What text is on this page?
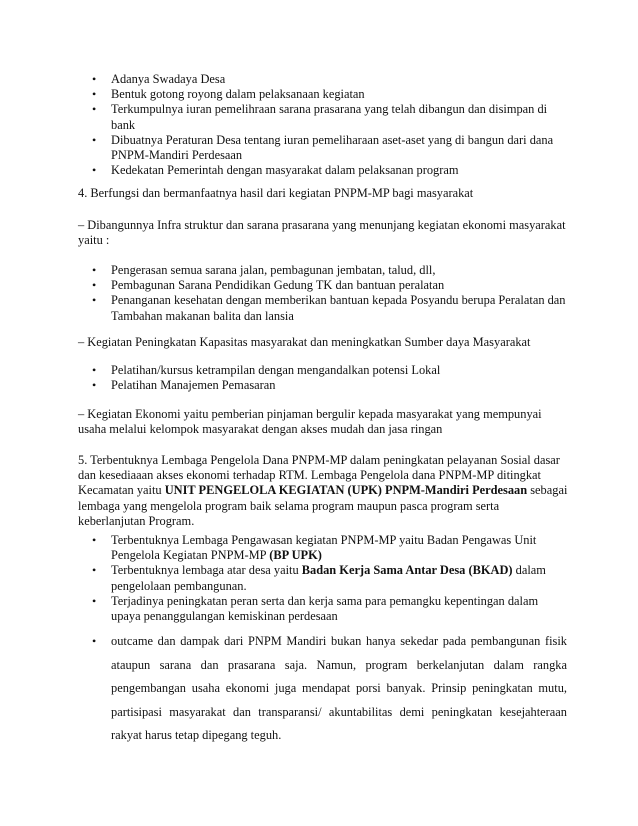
• Adanya Swadaya Desa
• Bentuk gotong royong dalam pelaksanaan kegiatan
• Terkumpulnya iuran pemelihraan sarana prasarana yang telah dibangun dan disimpan di bank
• Dibuatnya Peraturan Desa tentang iuran pemeliharaan aset-aset yang di bangun dari dana PNPM-Mandiri Perdesaan
• Kedekatan Pemerintah dengan masyarakat dalam pelaksanan program
4. Berfungsi dan bermanfaatnya hasil dari kegiatan PNPM-MP bagi masyarakat
– Dibangunnya Infra struktur dan sarana prasarana yang menunjang kegiatan ekonomi masyarakat yaitu :
• Pengerasan semua sarana jalan, pembagunan jembatan, talud, dll,
• Pembagunan Sarana Pendidikan Gedung TK dan bantuan peralatan
• Penanganan kesehatan dengan memberikan bantuan kepada Posyandu berupa Peralatan dan Tambahan makanan balita dan lansia
– Kegiatan Peningkatan Kapasitas masyarakat dan meningkatkan Sumber daya Masyarakat
• Pelatihan/kursus ketrampilan dengan mengandalkan potensi Lokal
• Pelatihan Manajemen Pemasaran
– Kegiatan Ekonomi yaitu pemberian pinjaman bergulir kepada masyarakat yang mempunyai usaha melalui kelompok masyarakat dengan akses mudah dan jasa ringan
5. Terbentuknya Lembaga Pengelola Dana PNPM-MP dalam peningkatan pelayanan Sosial dasar dan kesediaaan akses ekonomi terhadap RTM. Lembaga Pengelola dana PNPM-MP ditingkat Kecamatan yaitu UNIT PENGELOLA KEGIATAN (UPK) PNPM-Mandiri Perdesaan sebagai lembaga yang mengelola program baik selama program maupun pasca program serta keberlanjutan Program.
• Terbentuknya Lembaga Pengawasan kegiatan PNPM-MP yaitu Badan Pengawas Unit Pengelola Kegiatan PNPM-MP (BP UPK)
• Terbentuknya lembaga atar desa yaitu Badan Kerja Sama Antar Desa (BKAD) dalam pengelolaan pembangunan.
• Terjadinya peningkatan peran serta dan kerja sama para pemangku kepentingan dalam upaya penanggulangan kemiskinan perdesaan
• outcame dan dampak dari PNPM Mandiri bukan hanya sekedar pada pembangunan fisik ataupun sarana dan prasarana saja. Namun, program berkelanjutan dalam rangka pengembangan usaha ekonomi juga mendapat porsi banyak. Prinsip peningkatan mutu, partisipasi masyarakat dan transparansi/ akuntabilitas demi peningkatan kesejahteraan rakyat harus tetap dipegang teguh.
